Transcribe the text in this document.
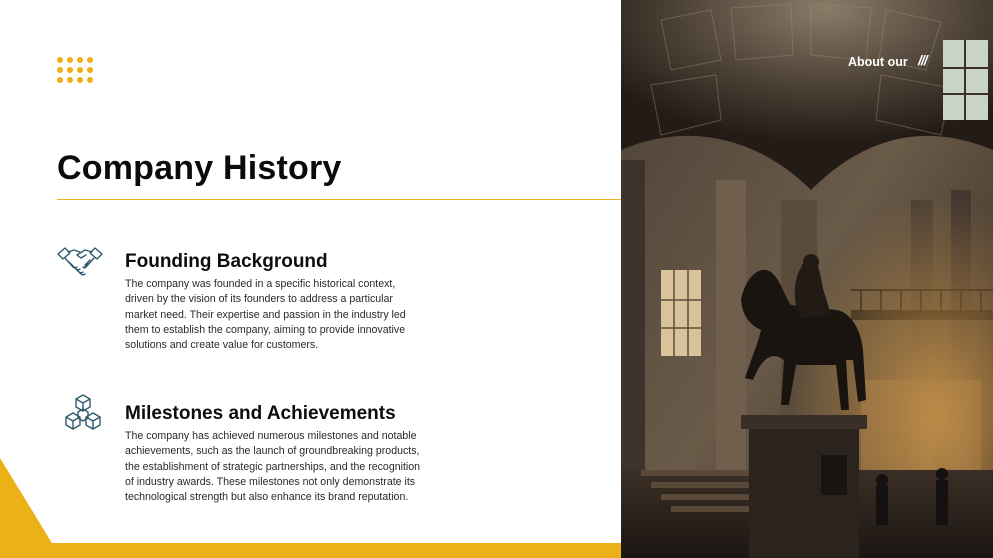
Company History
Founding Background
The company was founded in a specific historical context,
driven by the vision of its founders to address a particular
market need. Their expertise and passion in the industry led
them to establish the company, aiming to provide innovative
solutions and create value for customers.
Milestones and Achievements
The company has achieved numerous milestones and notable
achievements, such as the launch of groundbreaking products,
the establishment of strategic partnerships, and the recognition
of industry awards. These milestones not only demonstrate its
technological strength but also enhance its brand reputation.
About our ///
